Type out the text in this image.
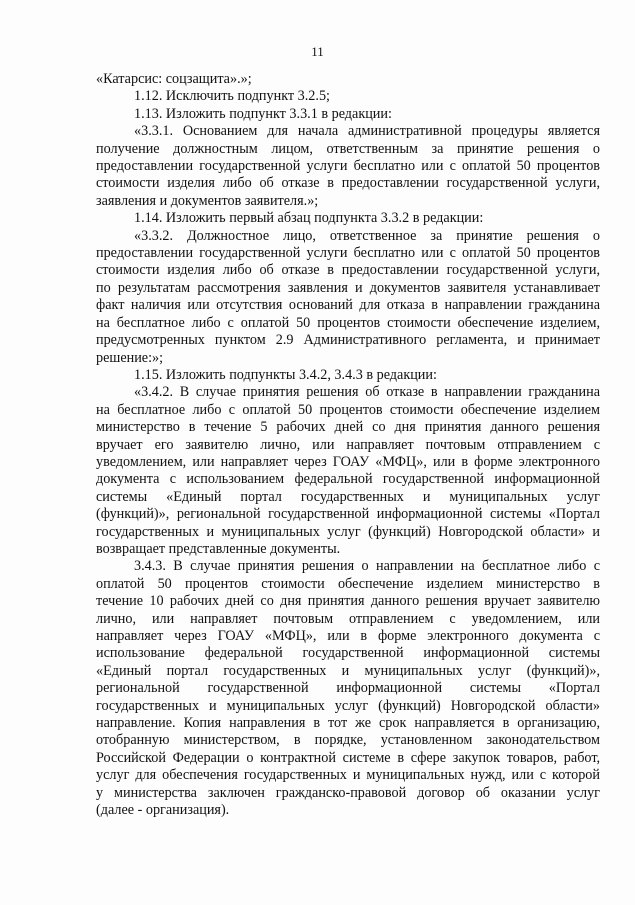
11
«Катарсис: соцзащита».»;
1.12. Исключить подпункт 3.2.5;
1.13. Изложить подпункт 3.3.1 в редакции:
«3.3.1. Основанием для начала административной процедуры является
получение должностным лицом, ответственным за принятие решения о
предоставлении государственной услуги бесплатно или с оплатой 50 процентов
стоимости изделия либо об отказе в предоставлении государственной услуги,
заявления и документов заявителя.»;
1.14. Изложить первый абзац подпункта 3.3.2 в редакции:
«3.3.2. Должностное лицо, ответственное за принятие решения о
предоставлении государственной услуги бесплатно или с оплатой 50 процентов
стоимости изделия либо об отказе в предоставлении государственной услуги,
по результатам рассмотрения заявления и документов заявителя устанавливает
факт наличия или отсутствия оснований для отказа в направлении гражданина
на бесплатное либо с оплатой 50 процентов стоимости обеспечение изделием,
предусмотренных пунктом 2.9 Административного регламента, и принимает
решение:»;
1.15. Изложить подпункты 3.4.2, 3.4.3 в редакции:
«3.4.2. В случае принятия решения об отказе в направлении гражданина
на бесплатное либо с оплатой 50 процентов стоимости обеспечение изделием
министерство в течение 5 рабочих дней со дня принятия данного решения
вручает его заявителю лично, или направляет почтовым отправлением с
уведомлением, или направляет через ГОАУ «МФЦ», или в форме электронного
документа с использованием федеральной государственной информационной
системы «Единый портал государственных и муниципальных услуг
(функций)», региональной государственной информационной системы «Портал
государственных и муниципальных услуг (функций) Новгородской области» и
возвращает представленные документы.
3.4.3. В случае принятия решения о направлении на бесплатное либо с
оплатой 50 процентов стоимости обеспечение изделием министерство в
течение 10 рабочих дней со дня принятия данного решения вручает заявителю
лично, или направляет почтовым отправлением с уведомлением, или
направляет через ГОАУ «МФЦ», или в форме электронного документа с
использование федеральной государственной информационной системы
«Единый портал государственных и муниципальных услуг (функций)»,
региональной государственной информационной системы «Портал
государственных и муниципальных услуг (функций) Новгородской области»
направление. Копия направления в тот же срок направляется в организацию,
отобранную министерством, в порядке, установленном законодательством
Российской Федерации о контрактной системе в сфере закупок товаров, работ,
услуг для обеспечения государственных и муниципальных нужд, или с которой
у министерства заключен гражданско-правовой договор об оказании услуг
(далее - организация).
